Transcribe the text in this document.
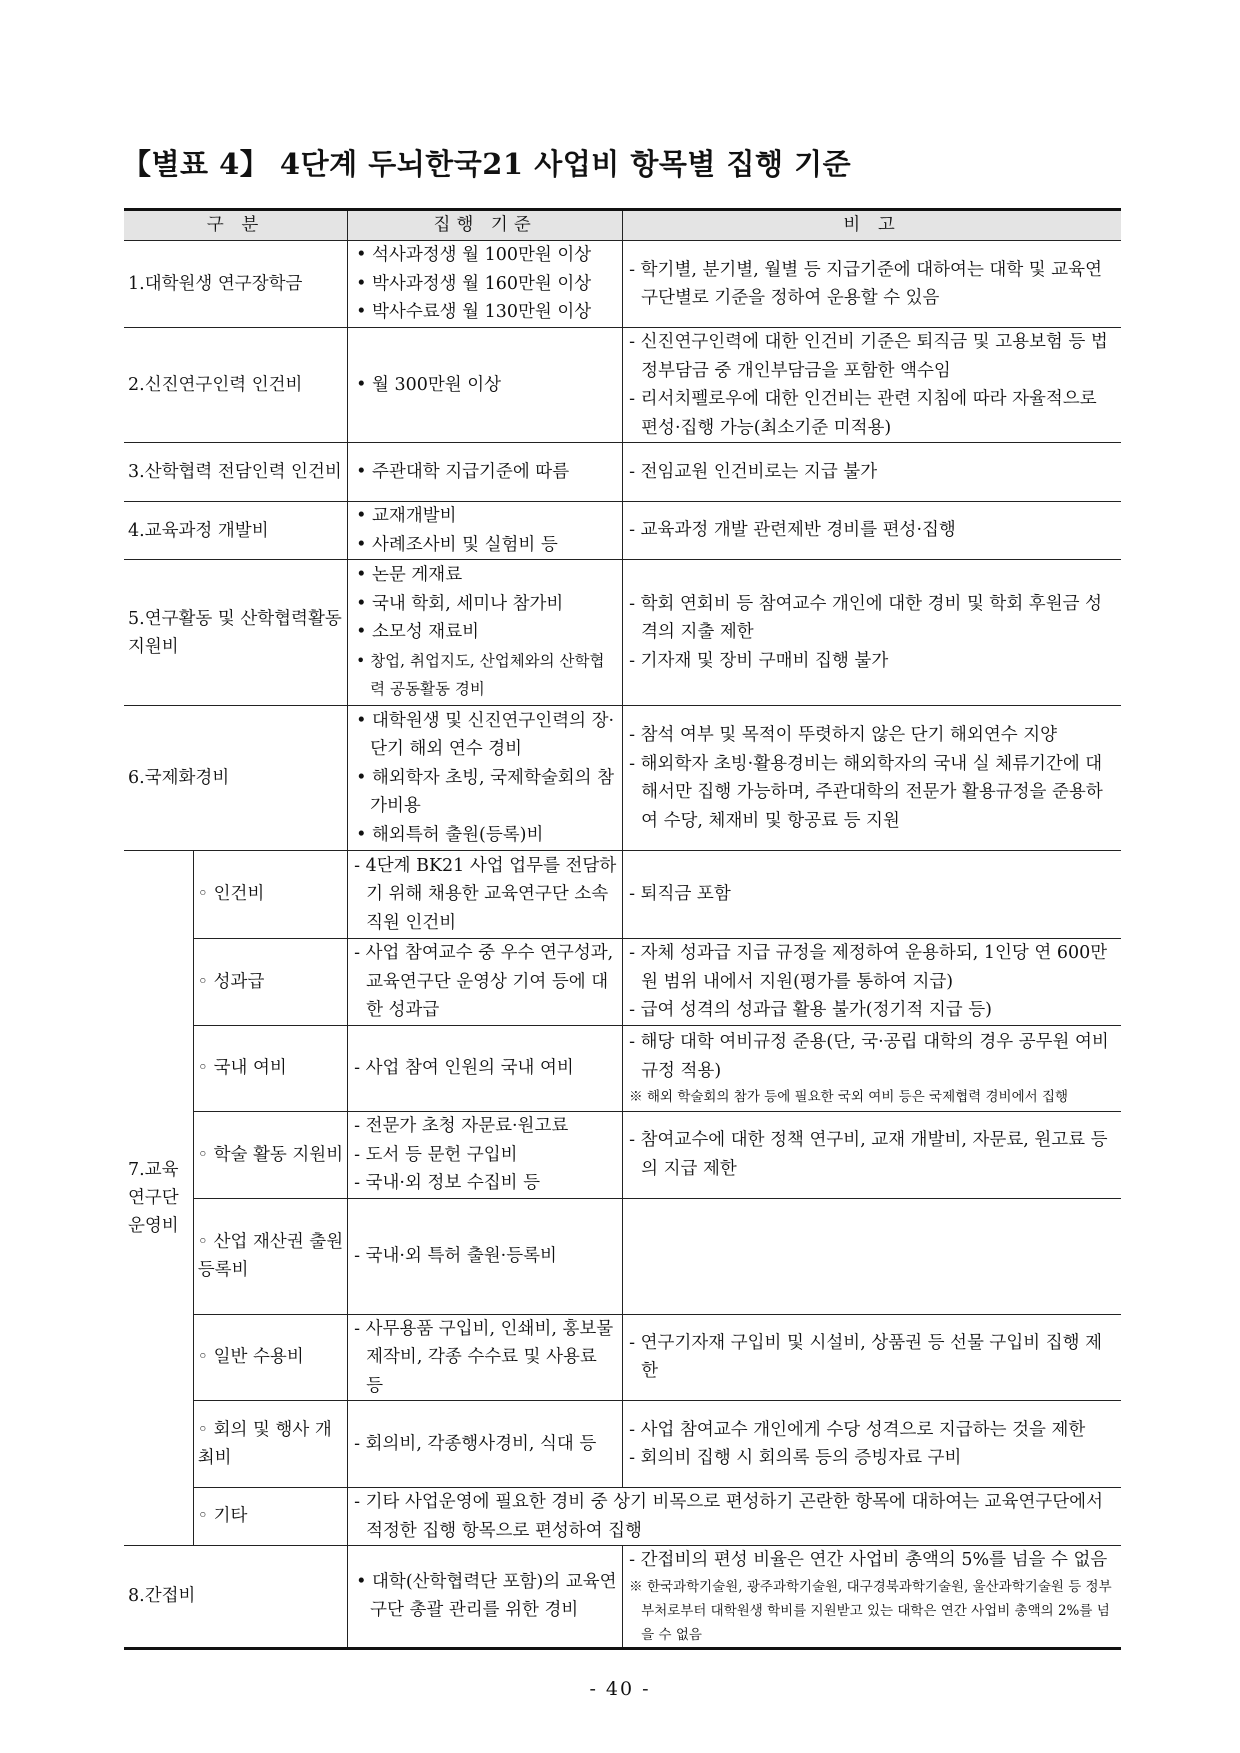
【별표 4】 4단계 두뇌한국21 사업비 항목별 집행 기준
구 분		집행 기준	비 고
1.대학원생 연구장학금		• 석사과정생 월 100만원 이상
• 박사과정생 월 160만원 이상
• 박사수료생 월 130만원 이상	- 학기별, 분기별, 월별 등 지급기준에 대하여는 대학 및 교육연구단별로 기준을 정하여 운용할 수 있음

2.신진연구인력 인건비		• 월 300만원 이상	- 신진연구인력에 대한 인건비 기준은 퇴직금 및 고용보험 등 법정부담금 중 개인부담금을 포함한 액수임
- 리서치펠로우에 대한 인건비는 관련 지침에 따라 자율적으로 편성·집행 가능(최소기준 미적용)

3.산학협력 전담인력 인건비		• 주관대학 지급기준에 따름	- 전임교원 인건비로는 지급 불가

4.교육과정 개발비		• 교재개발비
• 사례조사비 및 실험비 등	- 교육과정 개발 관련제반 경비를 편성·집행

5.연구활동 및 산학협력활동 지원비		• 논문 게재료
• 국내 학회, 세미나 참가비
• 소모성 재료비
• 창업, 취업지도, 산업체와의 산학협력 공동활동 경비	- 학회 연회비 등 참여교수 개인에 대한 경비 및 학회 후원금 성격의 지출 제한
- 기자재 및 장비 구매비 집행 불가

6.국제화경비		• 대학원생 및 신진연구인력의 장·단기 해외 연수 경비
• 해외학자 초빙, 국제학술회의 참가비용
• 해외특허 출원(등록)비	- 참석 여부 및 목적이 뚜렷하지 않은 단기 해외연수 지양
- 해외학자 초빙·활용경비는 해외학자의 국내 실 체류기간에 대해서만 집행 가능하며, 주관대학의 전문가 활용규정을 준용하여 수당, 체재비 및 항공료 등 지원

7.교육 연구단 운영비	◦ 인건비	- 4단계 BK21 사업 업무를 전담하기 위해 채용한 교육연구단 소속 직원 인건비	- 퇴직금 포함

	◦ 성과급	- 사업 참여교수 중 우수 연구성과, 교육연구단 운영상 기여 등에 대한 성과급	- 자체 성과급 지급 규정을 제정하여 운용하되, 1인당 연 600만원 범위 내에서 지원(평가를 통하여 지급)
- 급여 성격의 성과급 활용 불가(정기적 지급 등)

	◦ 국내 여비	- 사업 참여 인원의 국내 여비	- 해당 대학 여비규정 준용(단, 국·공립 대학의 경우 공무원 여비규정 적용)
※ 해외 학술회의 참가 등에 필요한 국외 여비 등은 국제협력 경비에서 집행

	◦ 학술 활동 지원비	- 전문가 초청 자문료·원고료
- 도서 등 문헌 구입비
- 국내·외 정보 수집비 등	- 참여교수에 대한 정책 연구비, 교재 개발비, 자문료, 원고료 등의 지급 제한

	◦ 산업 재산권 출원 등록비	- 국내·외 특허 출원·등록비	

	◦ 일반 수용비	- 사무용품 구입비, 인쇄비, 홍보물 제작비, 각종 수수료 및 사용료 등	- 연구기자재 구입비 및 시설비, 상품권 등 선물 구입비 집행 제한

	◦ 회의 및 행사 개최비	- 회의비, 각종행사경비, 식대 등	- 사업 참여교수 개인에게 수당 성격으로 지급하는 것을 제한
- 회의비 집행 시 회의록 등의 증빙자료 구비

	◦ 기타	- 기타 사업운영에 필요한 경비 중 상기 비목으로 편성하기 곤란한 항목에 대하여는 교육연구단에서 적정한 집행 항목으로 편성하여 집행	

8.간접비		• 대학(산학협력단 포함)의 교육연구단 총괄 관리를 위한 경비	- 간접비의 편성 비율은 연간 사업비 총액의 5%를 넘을 수 없음
※ 한국과학기술원, 광주과학기술원, 대구경북과학기술원, 울산과학기술원 등 정부부처로부터 대학원생 학비를 지원받고 있는 대학은 연간 사업비 총액의 2%를 넘을 수 없음
- 40 -
